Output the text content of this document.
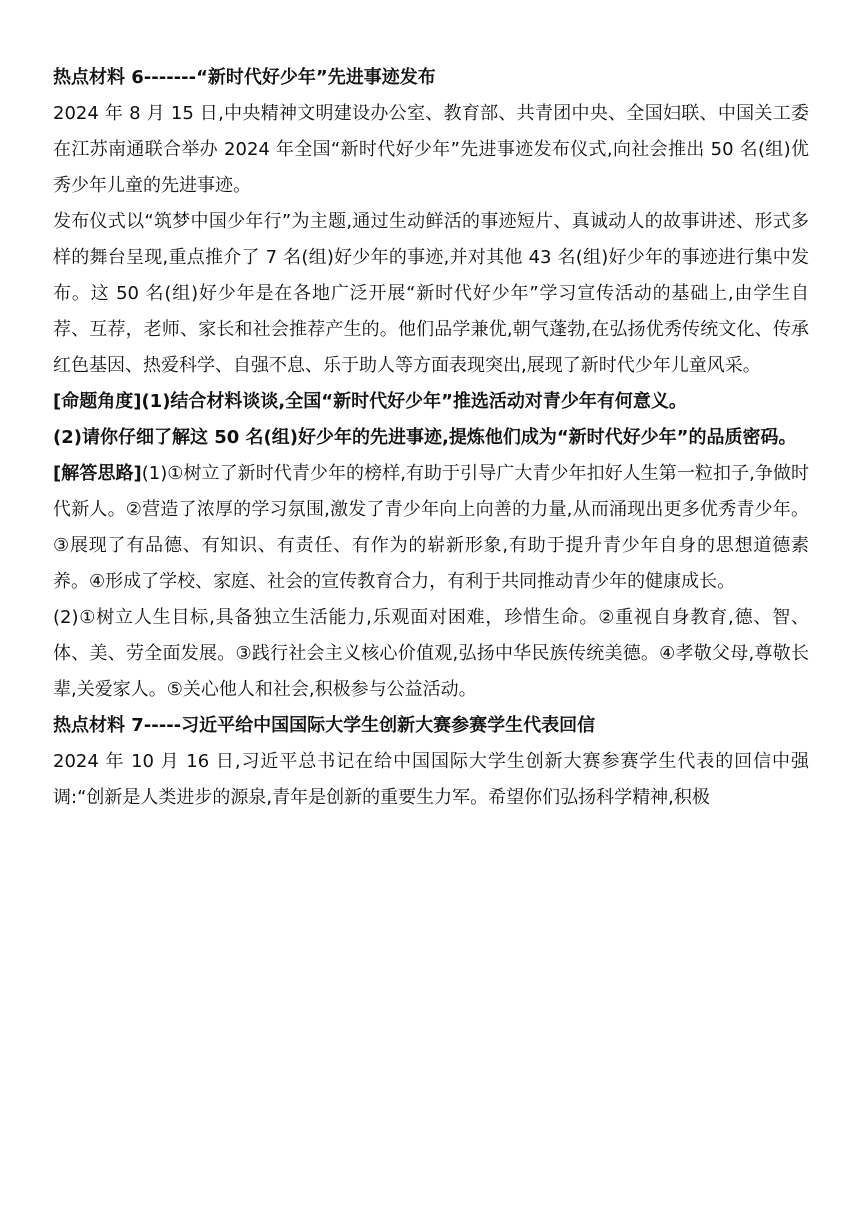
热点材料 6-------“新时代好少年”先进事迹发布

2024 年 8 月 15 日,中央精神文明建设办公室、教育部、共青团中央、全国妇联、中国关工委在江苏南通联合举办 2024 年全国“新时代好少年”先进事迹发布仪式,向社会推出 50 名(组)优秀少年儿童的先进事迹。

发布仪式以“筑梦中国少年行”为主题,通过生动鲜活的事迹短片、真诚动人的故事讲述、形式多样的舞台呈现,重点推介了 7 名(组)好少年的事迹,并对其他 43 名(组)好少年的事迹进行集中发布。这 50 名(组)好少年是在各地广泛开展“新时代好少年”学习宣传活动的基础上,由学生自荐、互荐，老师、家长和社会推荐产生的。他们品学兼优,朝气蓬勃,在弘扬优秀传统文化、传承红色基因、热爱科学、自强不息、乐于助人等方面表现突出,展现了新时代少年儿童风采。

[命题角度](1)结合材料谈谈,全国“新时代好少年”推选活动对青少年有何意义。

(2)请你仔细了解这 50 名(组)好少年的先进事迹,提炼他们成为“新时代好少年”的品质密码。

[解答思路](1)①树立了新时代青少年的榜样,有助于引导广大青少年扣好人生第一粒扣子,争做时代新人。②营造了浓厚的学习氛围,激发了青少年向上向善的力量,从而涌现出更多优秀青少年。③展现了有品德、有知识、有责任、有作为的崭新形象,有助于提升青少年自身的思想道德素养。④形成了学校、家庭、社会的宣传教育合力，有利于共同推动青少年的健康成长。

(2)①树立人生目标,具备独立生活能力,乐观面对困难，珍惜生命。②重视自身教育,德、智、体、美、劳全面发展。③践行社会主义核心价值观,弘扬中华民族传统美德。④孝敬父母,尊敬长辈,关爱家人。⑤关心他人和社会,积极参与公益活动。

热点材料 7-----习近平给中国国际大学生创新大赛参赛学生代表回信

2024 年 10 月 16 日,习近平总书记在给中国国际大学生创新大赛参赛学生代表的回信中强调:“创新是人类进步的源泉,青年是创新的重要生力军。希望你们弘扬科学精神,积极
